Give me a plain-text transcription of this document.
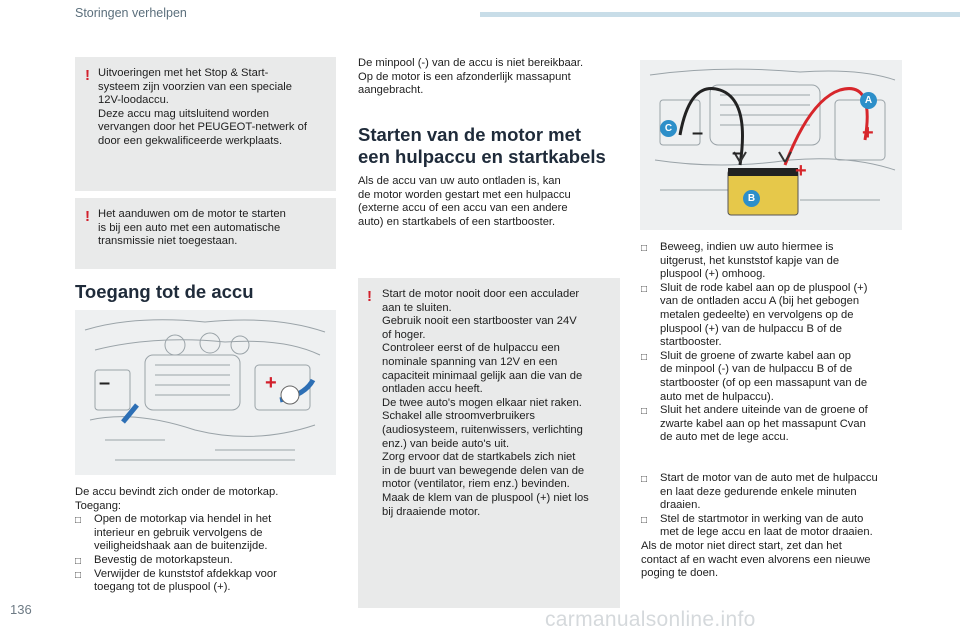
Storingen verhelpen
! Uitvoeringen met het Stop & Start-

systeem zijn voorzien van een speciale

12V-loodaccu.

Deze accu mag uitsluitend worden

vervangen door het PEUGEOT-netwerk of

door een gekwalificeerde werkplaats.

! Het aanduwen om de motor te starten

is bij een auto met een automatische

transmissie niet toegestaan.

Toegang tot de accu
–	+

De accu bevindt zich onder de motorkap.

Toegang:

□ Open de motorkap via hendel in het
interieur en gebruik vervolgens de
veiligheidshaak aan de buitenzijde.
□ Bevestig de motorkapsteun.
□ Verwijder de kunststof afdekkap voor
toegang tot de pluspool (+).

De minpool (-) van de accu is niet bereikbaar.

Op de motor is een afzonderlijk massapunt

aangebracht.

Starten van de motor met
een hulpaccu en startkabels

Als de accu van uw auto ontladen is, kan

de motor worden gestart met een hulpaccu

(externe accu of een accu van een andere

auto) en startkabels of een startbooster.

! Start de motor nooit door een acculader

aan te sluiten.

Gebruik nooit een startbooster van 24V

of hoger.

Controleer eerst of de hulpaccu een

nominale spanning van 12V en een

capaciteit minimaal gelijk aan die van de

ontladen accu heeft.

De twee auto's mogen elkaar niet raken.

Schakel alle stroomverbruikers

(audiosysteem, ruitenwissers, verlichting

enz.) van beide auto's uit.

Zorg ervoor dat de startkabels zich niet

in de buurt van bewegende delen van de

motor (ventilator, riem enz.) bevinden.

Maak de klem van de pluspool (+) niet los

bij draaiende motor.

A
B
C –
–
+
+
□ Beweeg, indien uw auto hiermee is
uitgerust, het kunststof kapje van de
pluspool (+) omhoog.
□ Sluit de rode kabel aan op de pluspool (+)
van de ontladen accu A (bij het gebogen
metalen gedeelte) en vervolgens op de
pluspool (+) van de hulpaccu B of de
startbooster.
□ Sluit de groene of zwarte kabel aan op
de minpool (-) van de hulpaccu B of de
startbooster (of op een massapunt van de
auto met de hulpaccu).
□ Sluit het andere uiteinde van de groene of
zwarte kabel aan op het massapunt Cvan
de auto met de lege accu.
□ Start de motor van de auto met de hulpaccu
en laat deze gedurende enkele minuten
draaien.
□ Stel de startmotor in werking van de auto
met de lege accu en laat de motor draaien.

Als de motor niet direct start, zet dan het

contact af en wacht even alvorens een nieuwe

poging te doen.

136	carmanualsonline.info
